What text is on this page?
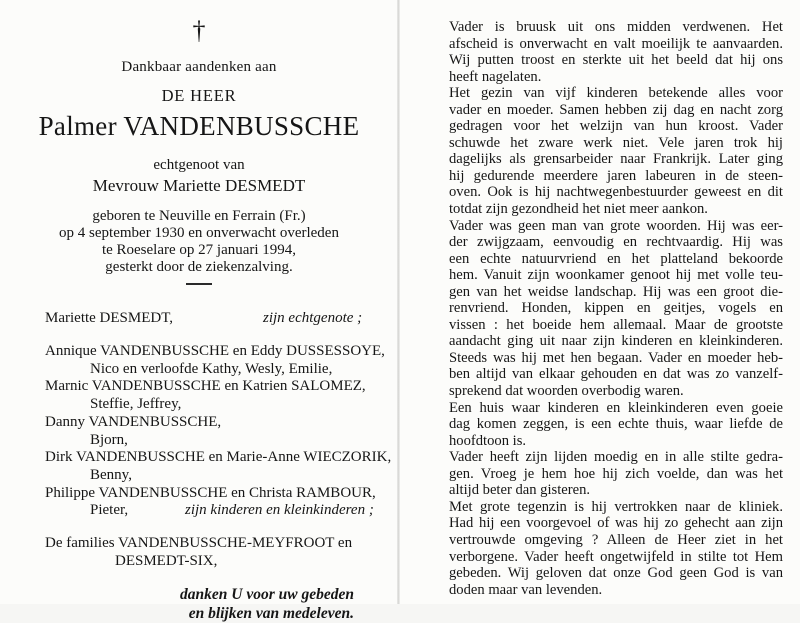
†
Dankbaar aandenken aan
DE HEER
Palmer VANDENBUSSCHE
echtgenoot van
Mevrouw Mariette DESMEDT
geboren te Neuville en Ferrain (Fr.)
op 4 september 1930 en onverwacht overleden
te Roeselare op 27 januari 1994,
gesterkt door de ziekenzalving.
Mariette DESMEDT,	zijn echtgenote ;
Annique VANDENBUSSCHE en Eddy DUSSESSOYE,
Nico en verloofde Kathy, Wesly, Emilie,
Marnic VANDENBUSSCHE en Katrien SALOMEZ,
Steffie, Jeffrey,
Danny VANDENBUSSCHE,
Bjorn,
Dirk VANDENBUSSCHE en Marie-Anne WIECZORIK,
Benny,
Philippe VANDENBUSSCHE en Christa RAMBOUR,
Pieter,	zijn kinderen en kleinkinderen ;
De families VANDENBUSSCHE-MEYFROOT en
DESMEDT-SIX,
danken U voor uw gebeden
en blijken van medeleven.
Vader is bruusk uit ons midden verdwenen. Het
afscheid is onverwacht en valt moeilijk te aanvaarden.
Wij putten troost en sterkte uit het beeld dat hij ons
heeft nagelaten.
Het gezin van vijf kinderen betekende alles voor
vader en moeder. Samen hebben zij dag en nacht zorg
gedragen voor het welzijn van hun kroost. Vader
schuwde het zware werk niet. Vele jaren trok hij
dagelijks als grensarbeider naar Frankrijk. Later ging
hij gedurende meerdere jaren labeuren in de steen-
oven. Ook is hij nachtwegenbestuurder geweest en dit
totdat zijn gezondheid het niet meer aankon.
Vader was geen man van grote woorden. Hij was eer-
der zwijgzaam, eenvoudig en rechtvaardig. Hij was
een echte natuurvriend en het platteland bekoorde
hem. Vanuit zijn woonkamer genoot hij met volle teu-
gen van het weidse landschap. Hij was een groot die-
renvriend. Honden, kippen en geitjes, vogels en
vissen : het boeide hem allemaal. Maar de grootste
aandacht ging uit naar zijn kinderen en kleinkinderen.
Steeds was hij met hen begaan. Vader en moeder heb-
ben altijd van elkaar gehouden en dat was zo vanzelf-
sprekend dat woorden overbodig waren.
Een huis waar kinderen en kleinkinderen even goeie
dag komen zeggen, is een echte thuis, waar liefde de
hoofdtoon is.
Vader heeft zijn lijden moedig en in alle stilte gedra-
gen. Vroeg je hem hoe hij zich voelde, dan was het
altijd beter dan gisteren.
Met grote tegenzin is hij vertrokken naar de kliniek.
Had hij een voorgevoel of was hij zo gehecht aan zijn
vertrouwde omgeving ? Alleen de Heer ziet in het
verborgene. Vader heeft ongetwijfeld in stilte tot Hem
gebeden. Wij geloven dat onze God geen God is van
doden maar van levenden.
